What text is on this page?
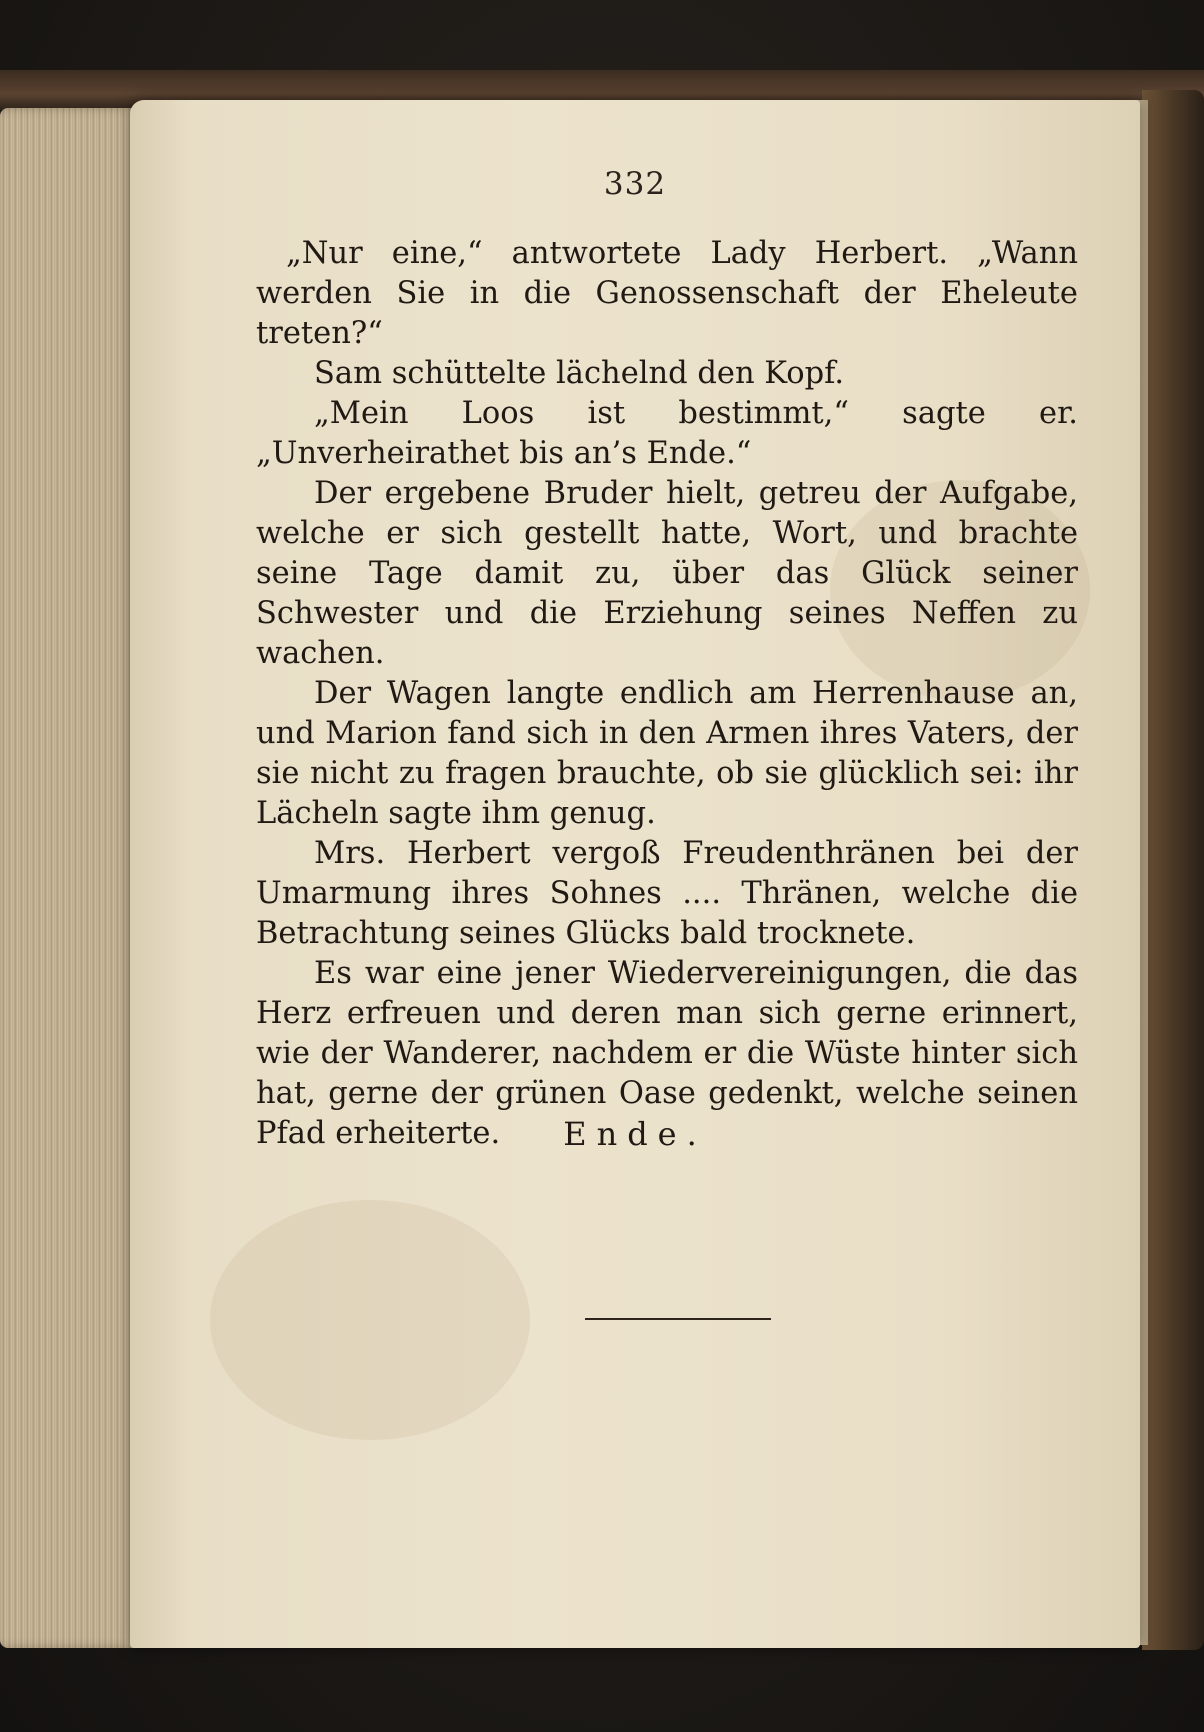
332

„Nur eine,“ antwortete Lady Herbert. „Wann werden Sie in die Genossenschaft der Eheleute treten?“

Sam schüttelte lächelnd den Kopf.

„Mein Loos ist bestimmt,“ sagte er. „Unverheirathet bis an’s Ende.“

Der ergebene Bruder hielt, getreu der Aufgabe, welche er sich gestellt hatte, Wort, und brachte seine Tage damit zu, über das Glück seiner Schwester und die Erziehung seines Neffen zu wachen.

Der Wagen langte endlich am Herrenhause an, und Marion fand sich in den Armen ihres Vaters, der sie nicht zu fragen brauchte, ob sie glücklich sei: ihr Lächeln sagte ihm genug.

Mrs. Herbert vergoß Freudenthränen bei der Umarmung ihres Sohnes .... Thränen, welche die Betrachtung seines Glücks bald trocknete.

Es war eine jener Wiedervereinigungen, die das Herz erfreuen und deren man sich gerne erinnert, wie der Wanderer, nachdem er die Wüste hinter sich hat, gerne der grünen Oase gedenkt, welche seinen Pfad erheiterte.	Ende.
